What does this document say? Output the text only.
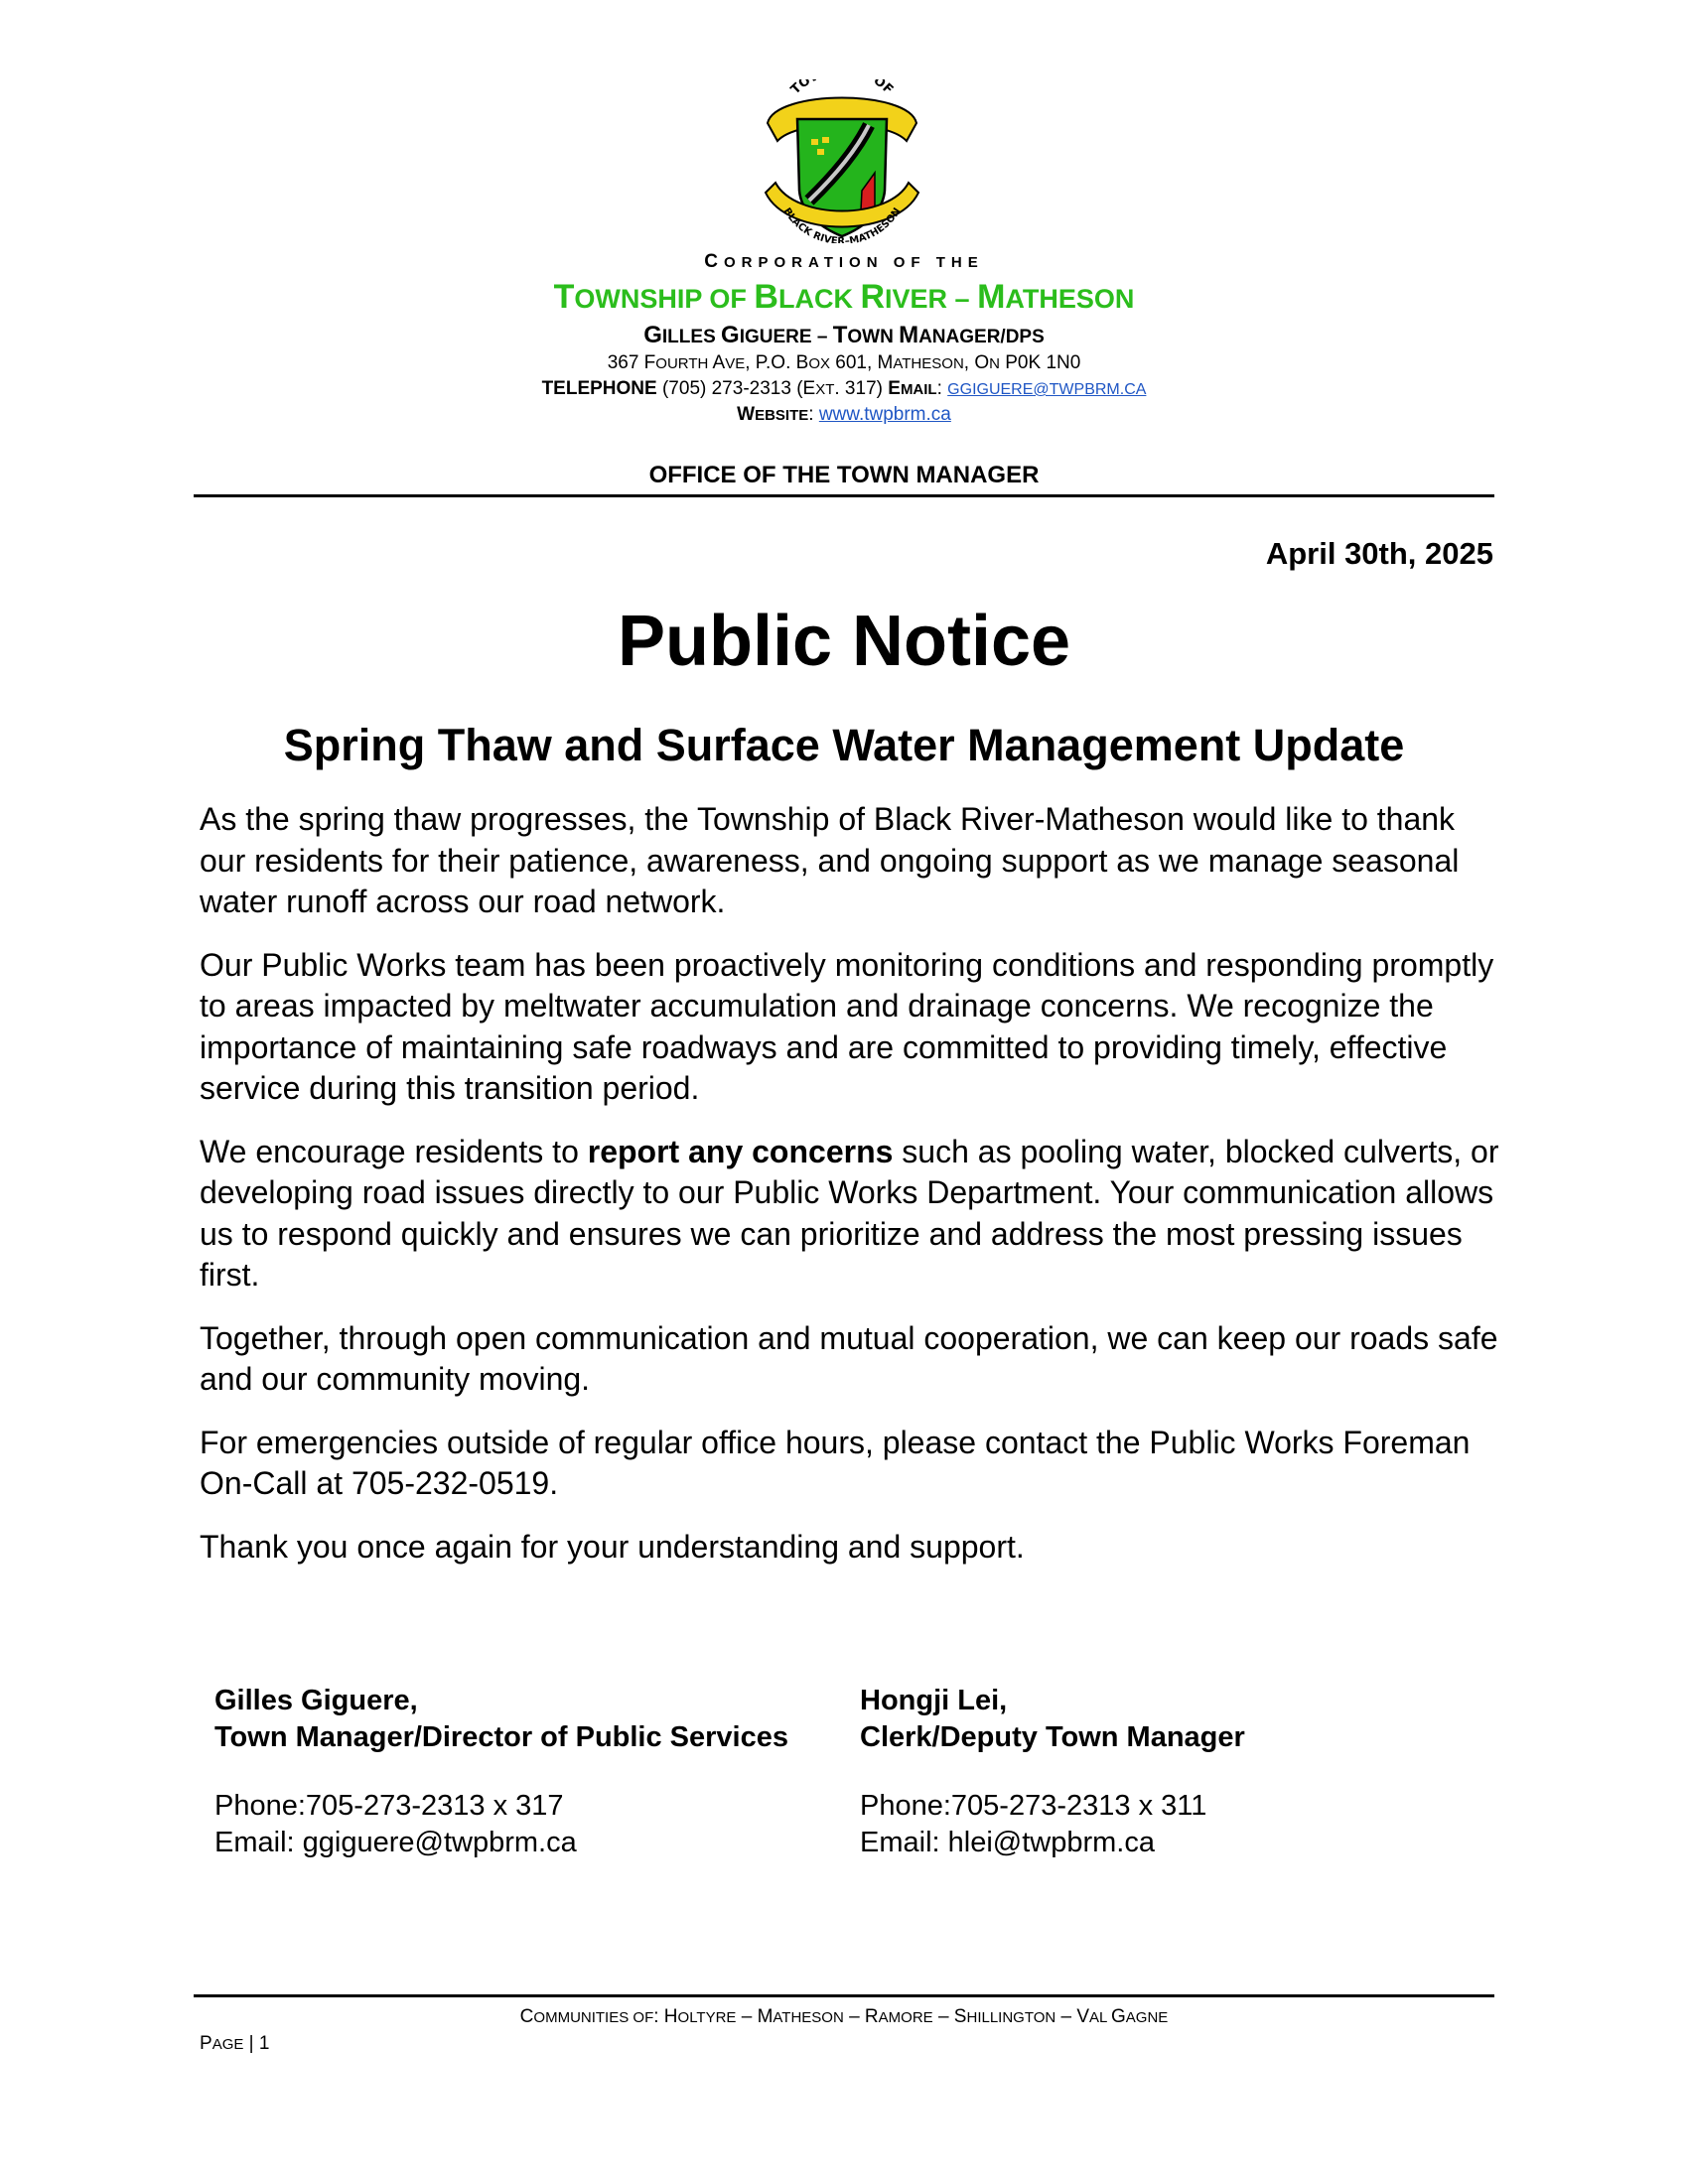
TO OF
BLACK RIVER–MATHESON
CORPORATION OF THE
TOWNSHIP OF BLACK RIVER – MATHESON
GILLES GIGUERE – TOWN MANAGER/DPS
367 FOURTH AVE, P.O. BOX 601, MATHESON, ON P0K 1N0
TELEPHONE (705) 273-2313 (EXT. 317) EMAIL: GGIGUERE@TWPBRM.CA
WEBSITE: www.twpbrm.ca
OFFICE OF THE TOWN MANAGER
April 30th, 2025
Public Notice
Spring Thaw and Surface Water Management Update

As the spring thaw progresses, the Township of Black River-Matheson would like to thank our residents for their patience, awareness, and ongoing support as we manage seasonal water runoff across our road network.

Our Public Works team has been proactively monitoring conditions and responding promptly to areas impacted by meltwater accumulation and drainage concerns. We recognize the importance of maintaining safe roadways and are committed to providing timely, effective service during this transition period.

We encourage residents to report any concerns such as pooling water, blocked culverts, or developing road issues directly to our Public Works Department. Your communication allows us to respond quickly and ensures we can prioritize and address the most pressing issues first.

Together, through open communication and mutual cooperation, we can keep our roads safe and our community moving.

For emergencies outside of regular office hours, please contact the Public Works Foreman On-Call at 705-232-0519.

Thank you once again for your understanding and support.

Gilles Giguere,
Town Manager/Director of Public Services
Phone:705-273-2313 x 317
Email: ggiguere@twpbrm.ca
Hongji Lei,
Clerk/Deputy Town Manager
Phone:705-273-2313 x 311
Email: hlei@twpbrm.ca
COMMUNITIES OF: HOLTYRE – MATHESON – RAMORE – SHILLINGTON – VAL GAGNE
PAGE | 1
